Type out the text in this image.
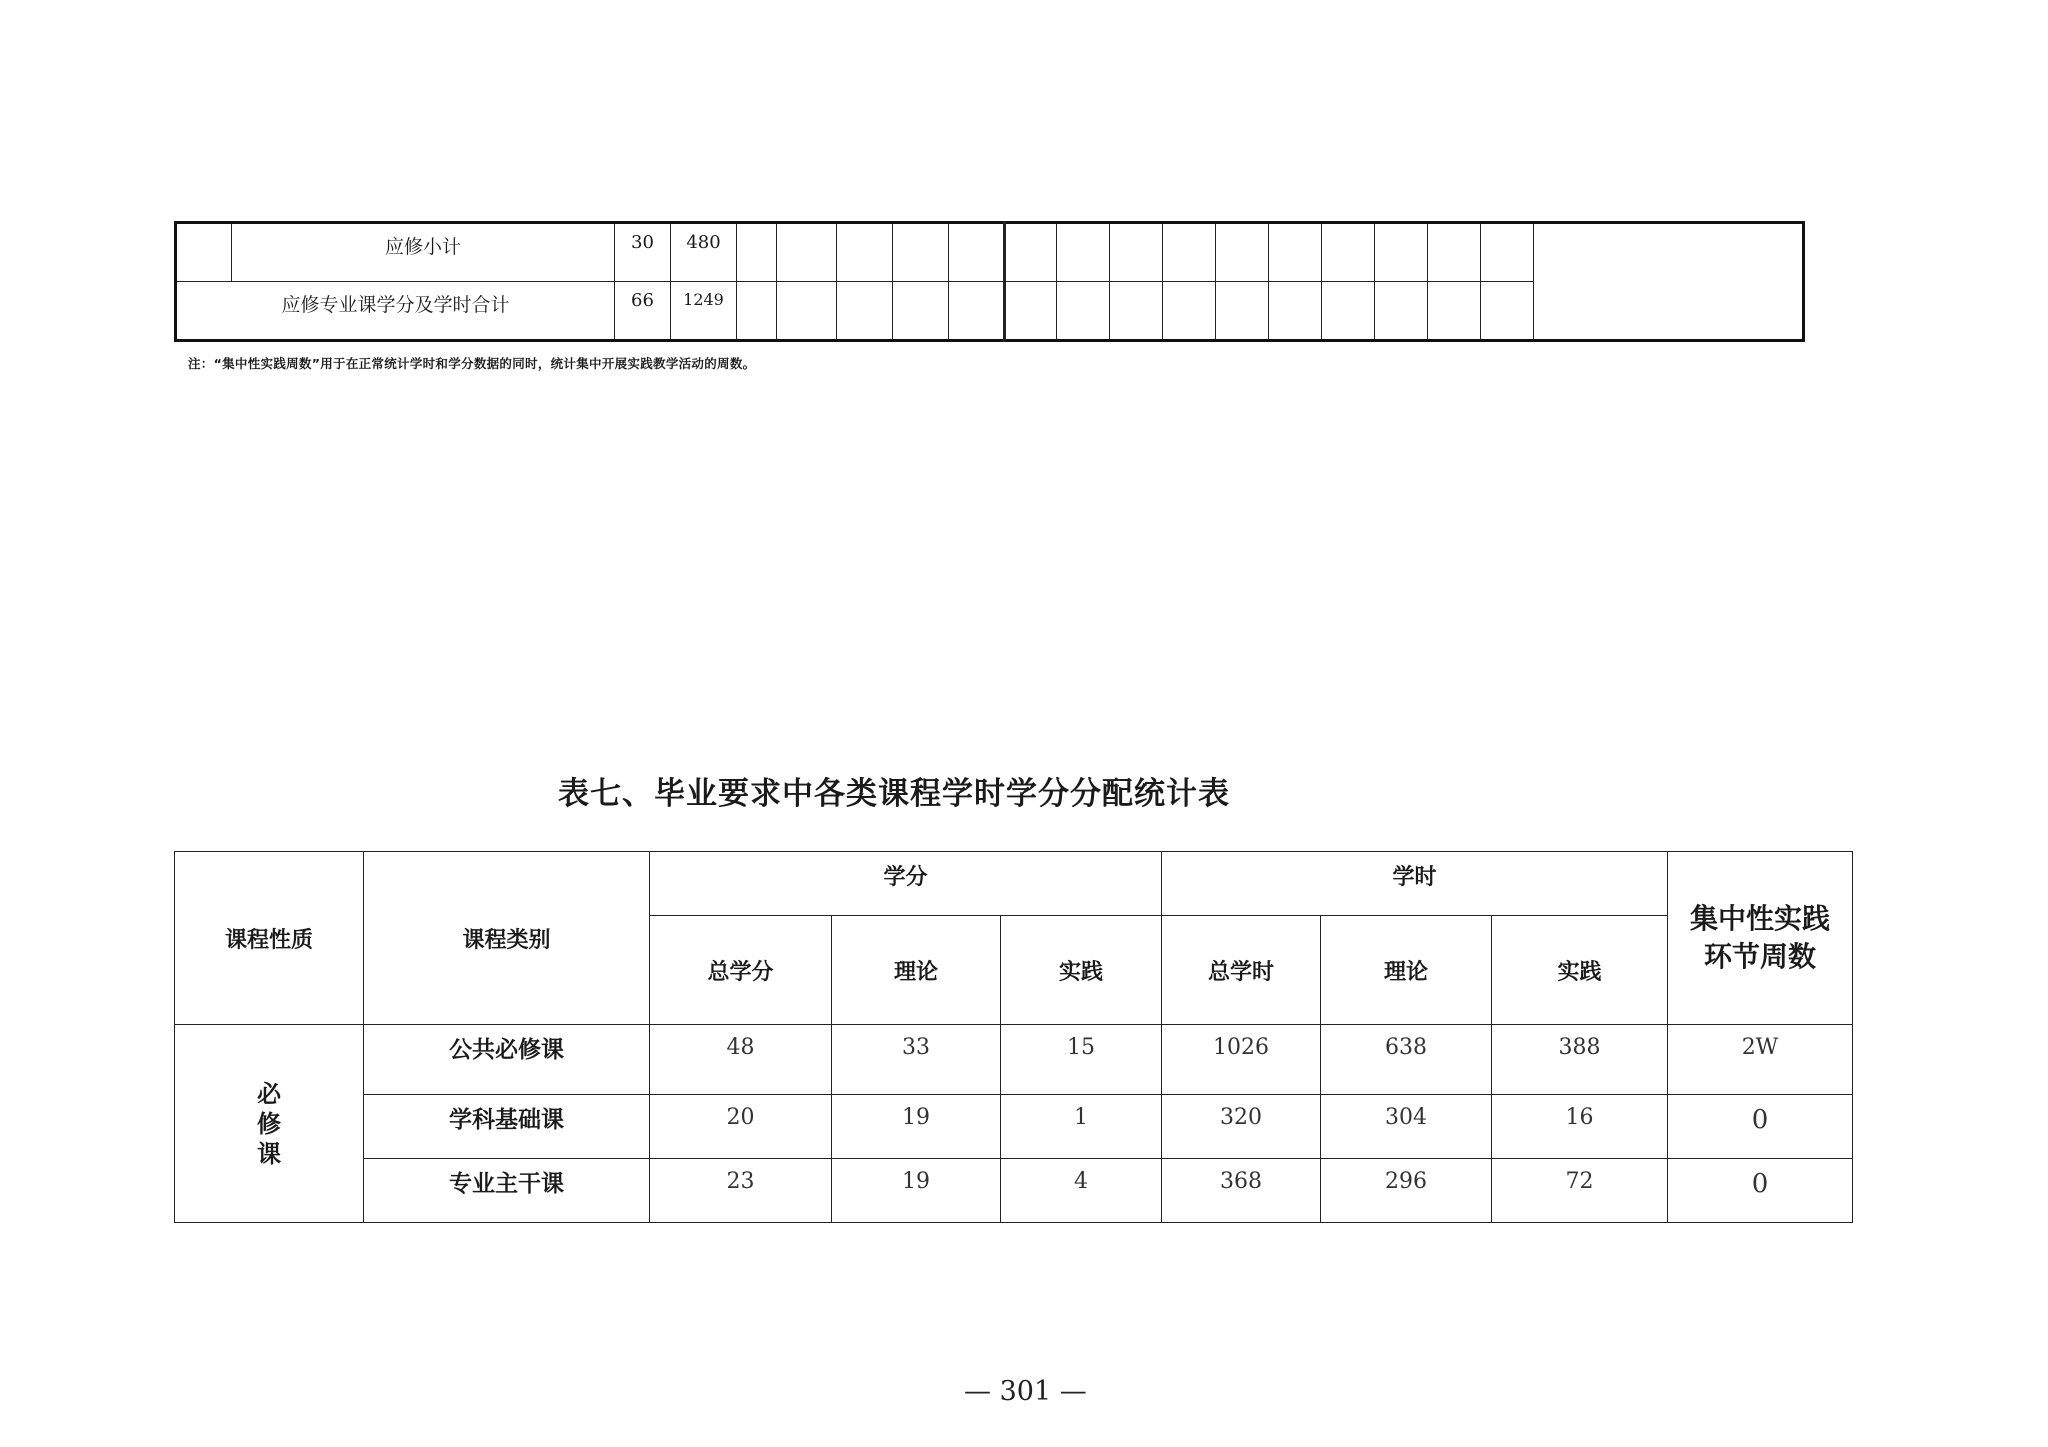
	应修小计	30	480																
应修专业课学分及学时合计		66	1249																
注：“集中性实践周数”用于在正常统计学时和学分数据的同时，统计集中开展实践教学活动的周数。
表七、毕业要求中各类课程学时学分分配统计表
课程性质	课程类别	学分			学时			集中性实践
环节周数

		总学分	理论	实践	总学时	理论	实践	

必
修
课	公共必修课	48	33	15	1026	638	388	2W
	学科基础课	20	19	1	320	304	16	0
	专业主干课	23	19	4	368	296	72	0
— 301 —
